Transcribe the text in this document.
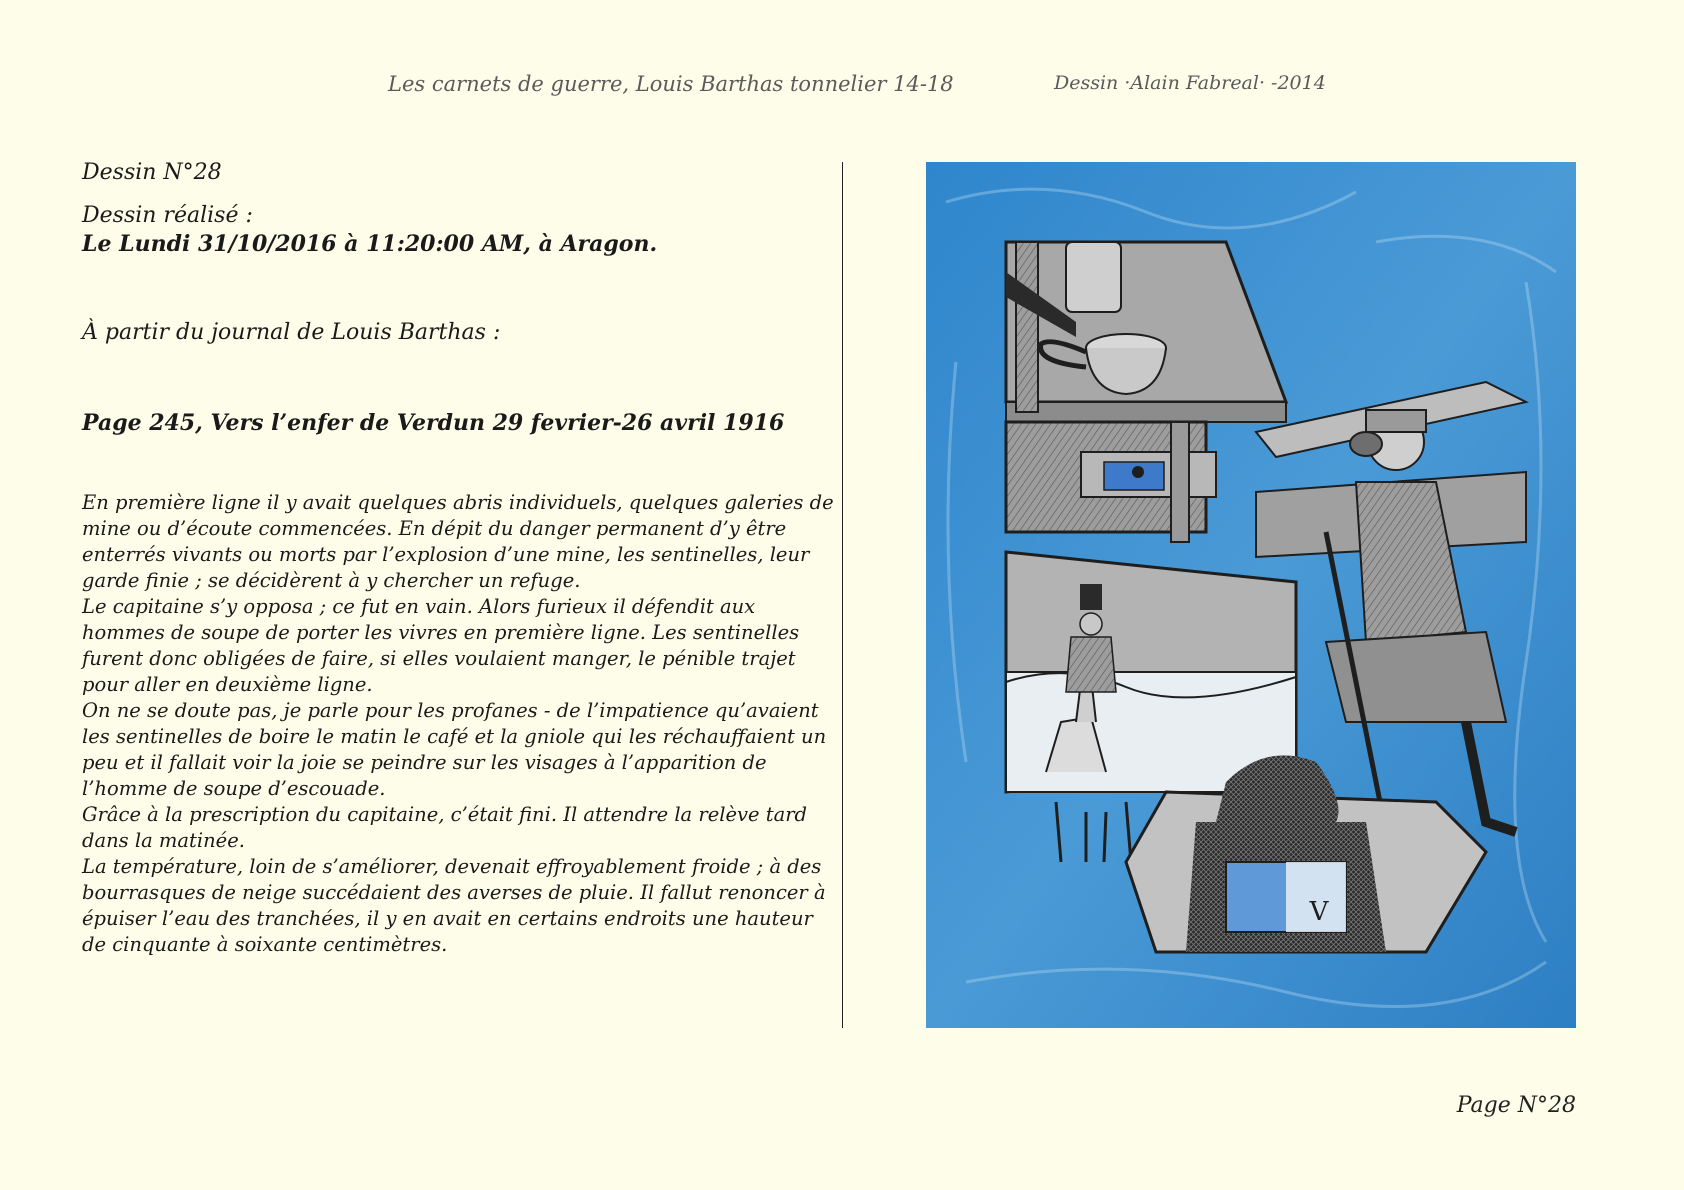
Les carnets de guerre, Louis Barthas tonnelier 14-18	Dessin ·Alain Fabreal· -2014

Dessin N°28

Dessin réalisé :

Le Lundi 31/10/2016 à 11:20:00 AM, à Aragon.

À partir du journal de Louis Barthas :

Page 245, Vers l’enfer de Verdun 29 fevrier-26 avril 1916

En première ligne il y avait quelques abris individuels, quelques galeries de mine ou d’écoute commencées. En dépit du danger permanent d’y être enterrés vivants ou morts par l’explosion d’une mine, les sentinelles, leur garde finie ; se décidèrent à y chercher un refuge.

Le capitaine s’y opposa ; ce fut en vain. Alors furieux il défendit aux hommes de soupe de porter les vivres en première ligne. Les sentinelles furent donc obligées de faire, si elles voulaient manger, le pénible trajet pour aller en deuxième ligne.

On ne se doute pas, je parle pour les profanes - de l’impatience qu’avaient les sentinelles de boire le matin le café et la gniole qui les réchauffaient un peu et il fallait voir la joie se peindre sur les visages à l’apparition de l’homme de soupe d’escouade.

Grâce à la prescription du capitaine, c’était fini. Il attendre la relève tard dans la matinée.

La température, loin de s’améliorer, devenait effroyablement froide ; à des bourrasques de neige succédaient des averses de pluie. Il fallut renoncer à épuiser l’eau des tranchées, il y en avait en certains endroits une hauteur de cinquante à soixante centimètres.

V
Page N°28
